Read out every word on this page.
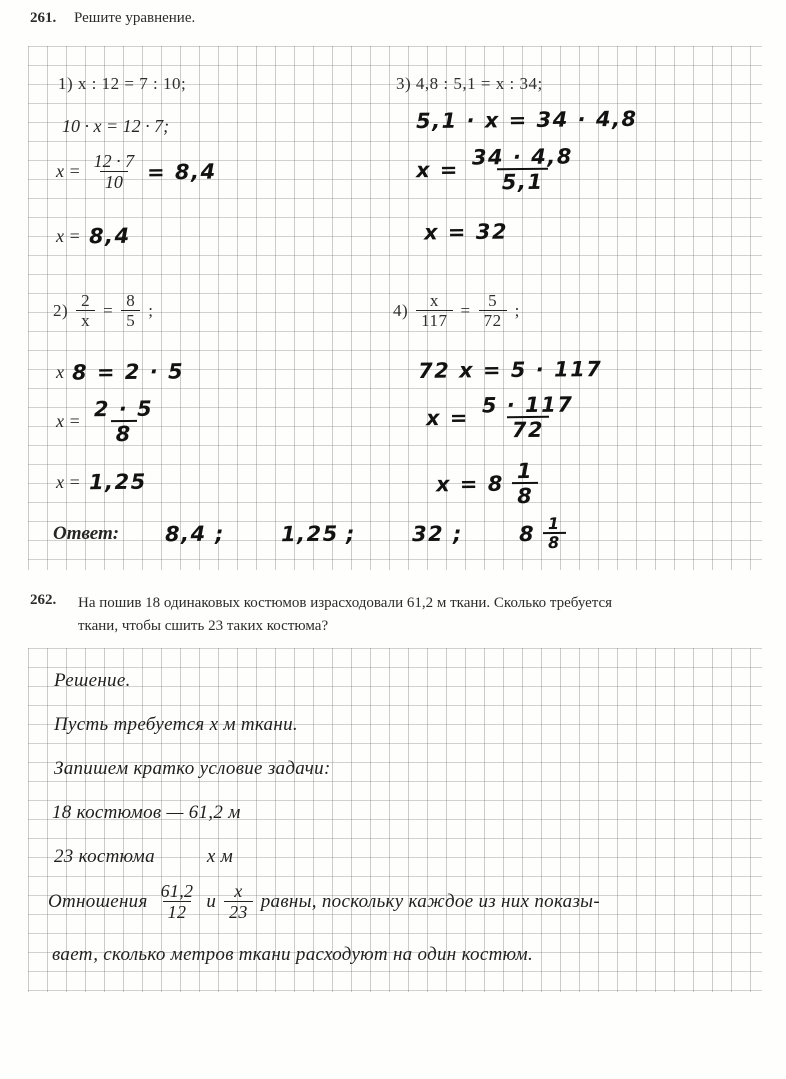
261. Решите уравнение.
1) x : 12 = 7 : 10;
10 · x = 12 · 7;
$x = \frac{12 \cdot 7}{10} = 8,4$
x = 8,4
3) 4,8 : 5,1 = x : 34;
5,1 · x = 34 · 4,8
$x = \frac{34 \cdot 4,8}{5,1}$
x = 32
$2) \frac{2}{x} = \frac{8}{5}$ ;
x 8 = 2 · 5
$x = \frac{2 \cdot 5}{8}$
x = 1,25
$4) \frac{x}{117} = \frac{5}{72}$ ;
72 x = 5 · 117
$x = \frac{5 \cdot 117}{72}$
$x = 8 \frac{1}{8}$
Ответ: 8,4 ;	1,25 ;	32 ;	$8 \frac{1}{8}$
262.	На пошив 18 одинаковых костюмов израсходовали 61,2 м ткани. Сколько требуется
ткани, чтобы сшить 23 таких костюма?
Решение.
Пусть требуется x м ткани.
Запишем кратко условие задачи:
18 костюмов — 61,2 м
23 костюма	x м
Отношения $\frac{61,2}{12}$ и $\frac{x}{23}$ равны, поскольку каждое из них показы-
вает, сколько метров ткани расходуют на один костюм.
